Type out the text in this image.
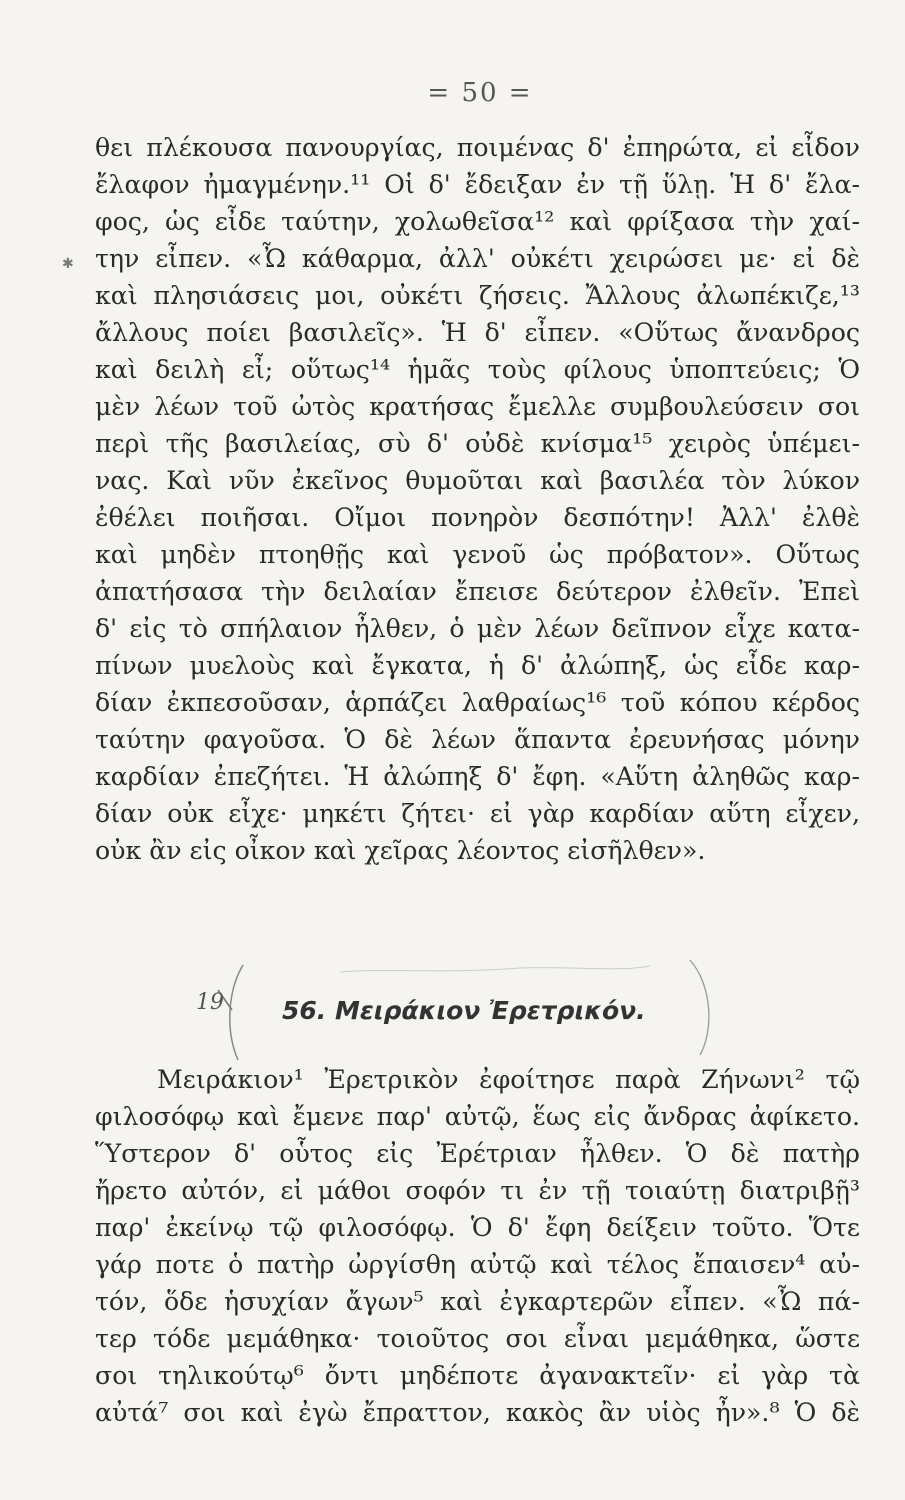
= 50 =
✱
θει πλέκουσα πανουργίας, ποιμένας δ' ἐπηρώτα, εἰ εἶδον
ἔλαφον ἠμαγμένην.¹¹ Οἱ δ' ἔδειξαν ἐν τῇ ὕλῃ. Ἡ δ' ἔλα-
φος, ὡς εἶδε ταύτην, χολωθεῖσα¹² καὶ φρίξασα τὴν χαί-
την εἶπεν. «Ὦ κάθαρμα, ἀλλ' οὐκέτι χειρώσει με· εἰ δὲ
καὶ πλησιάσεις μοι, οὐκέτι ζήσεις. Ἄλλους ἀλωπέκιζε,¹³
ἄλλους ποίει βασιλεῖς». Ἡ δ' εἶπεν. «Οὕτως ἄνανδρος
καὶ δειλὴ εἶ; οὕτως¹⁴ ἡμᾶς τοὺς φίλους ὑποπτεύεις; Ὁ
μὲν λέων τοῦ ὠτὸς κρατήσας ἔμελλε συμβουλεύσειν σοι
περὶ τῆς βασιλείας, σὺ δ' οὐδὲ κνίσμα¹⁵ χειρὸς ὑπέμει-
νας. Καὶ νῦν ἐκεῖνος θυμοῦται καὶ βασιλέα τὸν λύκον
ἐθέλει ποιῆσαι. Οἴμοι πονηρὸν δεσπότην! Ἀλλ' ἐλθὲ
καὶ μηδὲν πτοηθῇς καὶ γενοῦ ὡς πρόβατον». Οὕτως
ἀπατήσασα τὴν δειλαίαν ἔπεισε δεύτερον ἐλθεῖν. Ἐπεὶ
δ' εἰς τὸ σπήλαιον ἦλθεν, ὁ μὲν λέων δεῖπνον εἶχε κατα-
πίνων μυελοὺς καὶ ἔγκατα, ἡ δ' ἀλώπηξ, ὡς εἶδε καρ-
δίαν ἐκπεσοῦσαν, ἁρπάζει λαθραίως¹⁶ τοῦ κόπου κέρδος
ταύτην φαγοῦσα. Ὁ δὲ λέων ἅπαντα ἐρευνήσας μόνην
καρδίαν ἐπεζήτει. Ἡ ἀλώπηξ δ' ἔφη. «Αὕτη ἀληθῶς καρ-
δίαν οὐκ εἶχε· μηκέτι ζήτει· εἰ γὰρ καρδίαν αὕτη εἶχεν,
οὐκ ἂν εἰς οἶκον καὶ χεῖρας λέοντος εἰσῆλθεν».
19 56. Μειράκιον Ἐρετρικόν.
Μειράκιον¹ Ἐρετρικὸν ἐφοίτησε παρὰ Ζήνωνι² τῷ
φιλοσόφῳ καὶ ἔμενε παρ' αὐτῷ, ἕως εἰς ἄνδρας ἀφίκετο.
Ὕστερον δ' οὗτος εἰς Ἐρέτριαν ἦλθεν. Ὁ δὲ πατὴρ
ἤρετο αὐτόν, εἰ μάθοι σοφόν τι ἐν τῇ τοιαύτῃ διατριβῇ³
παρ' ἐκείνῳ τῷ φιλοσόφῳ. Ὁ δ' ἔφη δείξειν τοῦτο. Ὅτε
γάρ ποτε ὁ πατὴρ ὠργίσθη αὐτῷ καὶ τέλος ἔπαισεν⁴ αὐ-
τόν, ὅδε ἡσυχίαν ἄγων⁵ καὶ ἐγκαρτερῶν εἶπεν. «Ὦ πά-
τερ τόδε μεμάθηκα· τοιοῦτος σοι εἶναι μεμάθηκα, ὥστε
σοι τηλικούτῳ⁶ ὄντι μηδέποτε ἀγανακτεῖν· εἰ γὰρ τὰ
αὐτά⁷ σοι καὶ ἐγὼ ἔπραττον, κακὸς ἂν υἱὸς ἦν».⁸ Ὁ δὲ
